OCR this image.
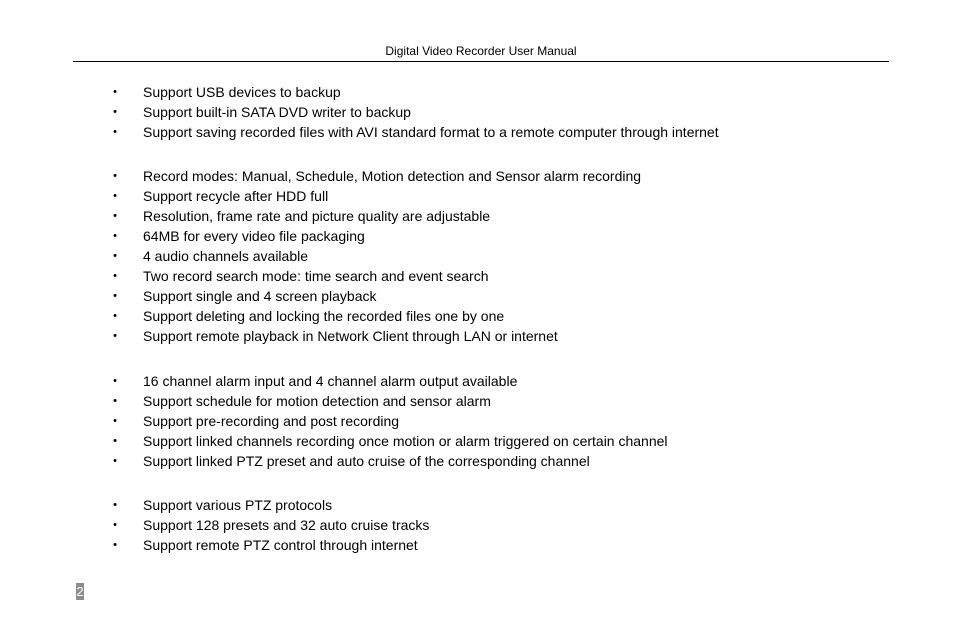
Digital Video Recorder User Manual
•	Support USB devices to backup
•	Support built-in SATA DVD writer to backup
•	Support saving recorded files with AVI standard format to a remote computer through internet
•	Record modes: Manual, Schedule, Motion detection and Sensor alarm recording
•	Support recycle after HDD full
•	Resolution, frame rate and picture quality are adjustable
•	64MB for every video file packaging
•	4 audio channels available
•	Two record search mode: time search and event search
•	Support single and 4 screen playback
•	Support deleting and locking the recorded files one by one
•	Support remote playback in Network Client through LAN or internet
•	16 channel alarm input and 4 channel alarm output available
•	Support schedule for motion detection and sensor alarm
•	Support pre-recording and post recording
•	Support linked channels recording once motion or alarm triggered on certain channel
•	Support linked PTZ preset and auto cruise of the corresponding channel
•	Support various PTZ protocols
•	Support 128 presets and 32 auto cruise tracks
•	Support remote PTZ control through internet
2
